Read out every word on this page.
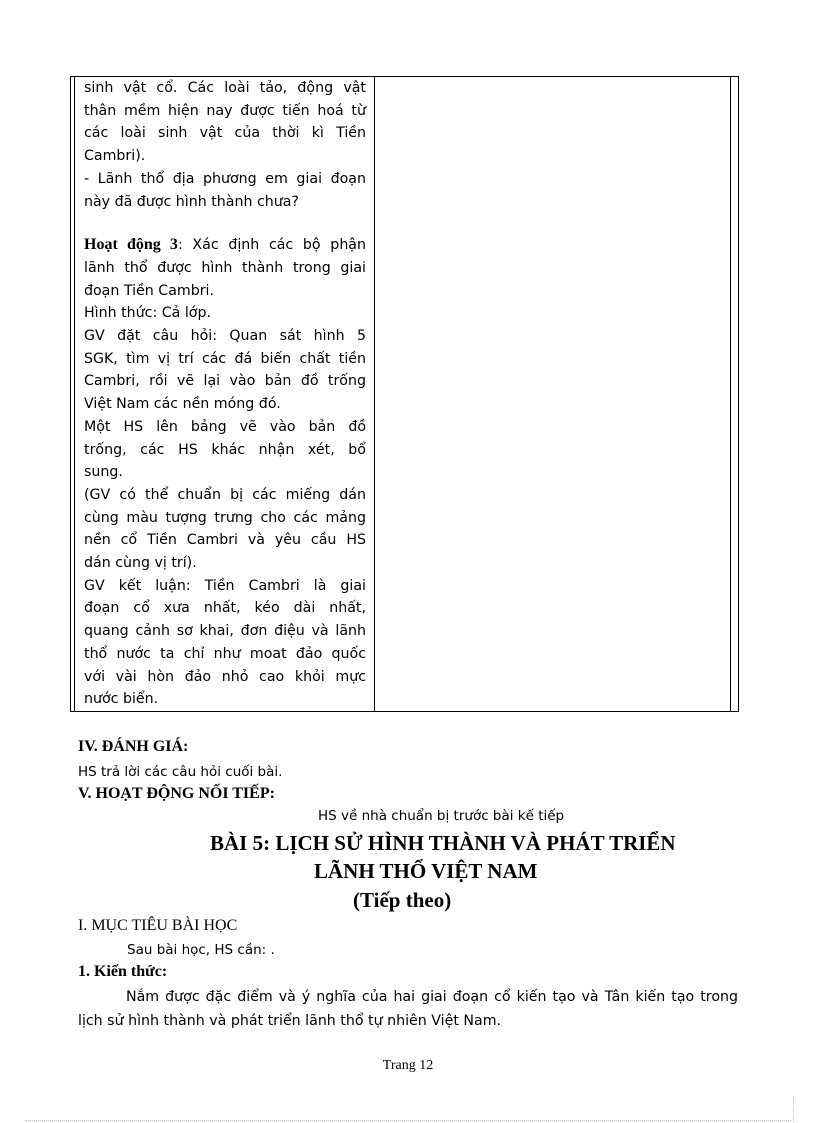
sinh vật cổ. Các loài tảo, động vật

thân mềm hiện nay được tiến hoá từ

các loài sinh vật của thời kì Tiền

Cambri).

- Lãnh thổ địa phương em giai đoạn

này đã được hình thành chưa?

Hoạt động 3: Xác định các bộ phận

lãnh thổ được hình thành trong giai

đoạn Tiền Cambri.

Hình thức: Cả lớp.

GV đặt câu hỏi: Quan sát hình 5

SGK, tìm vị trí các đá biến chất tiền

Cambri, rồi vẽ lại vào bản đồ trống

Việt Nam các nền móng đó.

Một HS lên bảng vẽ vào bản đồ

trống, các HS khác nhận xét, bổ

sung.

(GV có thể chuẩn bị các miếng dán

cùng màu tượng trưng cho các mảng

nền cổ Tiền Cambri và yêu cầu HS

dán cùng vị trí).

GV kết luận: Tiền Cambri là giai

đoạn cổ xưa nhất, kéo dài nhất,

quang cảnh sơ khai, đơn điệu và lãnh

thổ nước ta chỉ như moat đảo quốc

với vài hòn đảo nhỏ cao khỏi mực

nước biển.

IV. ĐÁNH GIÁ:

HS trả lời các câu hỏi cuối bài.

V. HOẠT ĐỘNG NỐI TIẾP:

HS về nhà chuẩn bị trước bài kế tiếp

BÀI 5: LỊCH SỬ HÌNH THÀNH VÀ PHÁT TRIỂN

LÃNH THỔ VIỆT NAM

(Tiếp theo)

I. MỤC TIÊU BÀI HỌC

Sau bài học, HS cần: .

1. Kiến thức:

Nắm được đặc điểm và ý nghĩa của hai giai đoạn cổ kiến tạo và Tân kiến tạo trong lịch sử hình thành và phát triển lãnh thổ tự nhiên Việt Nam.

Trang 12
